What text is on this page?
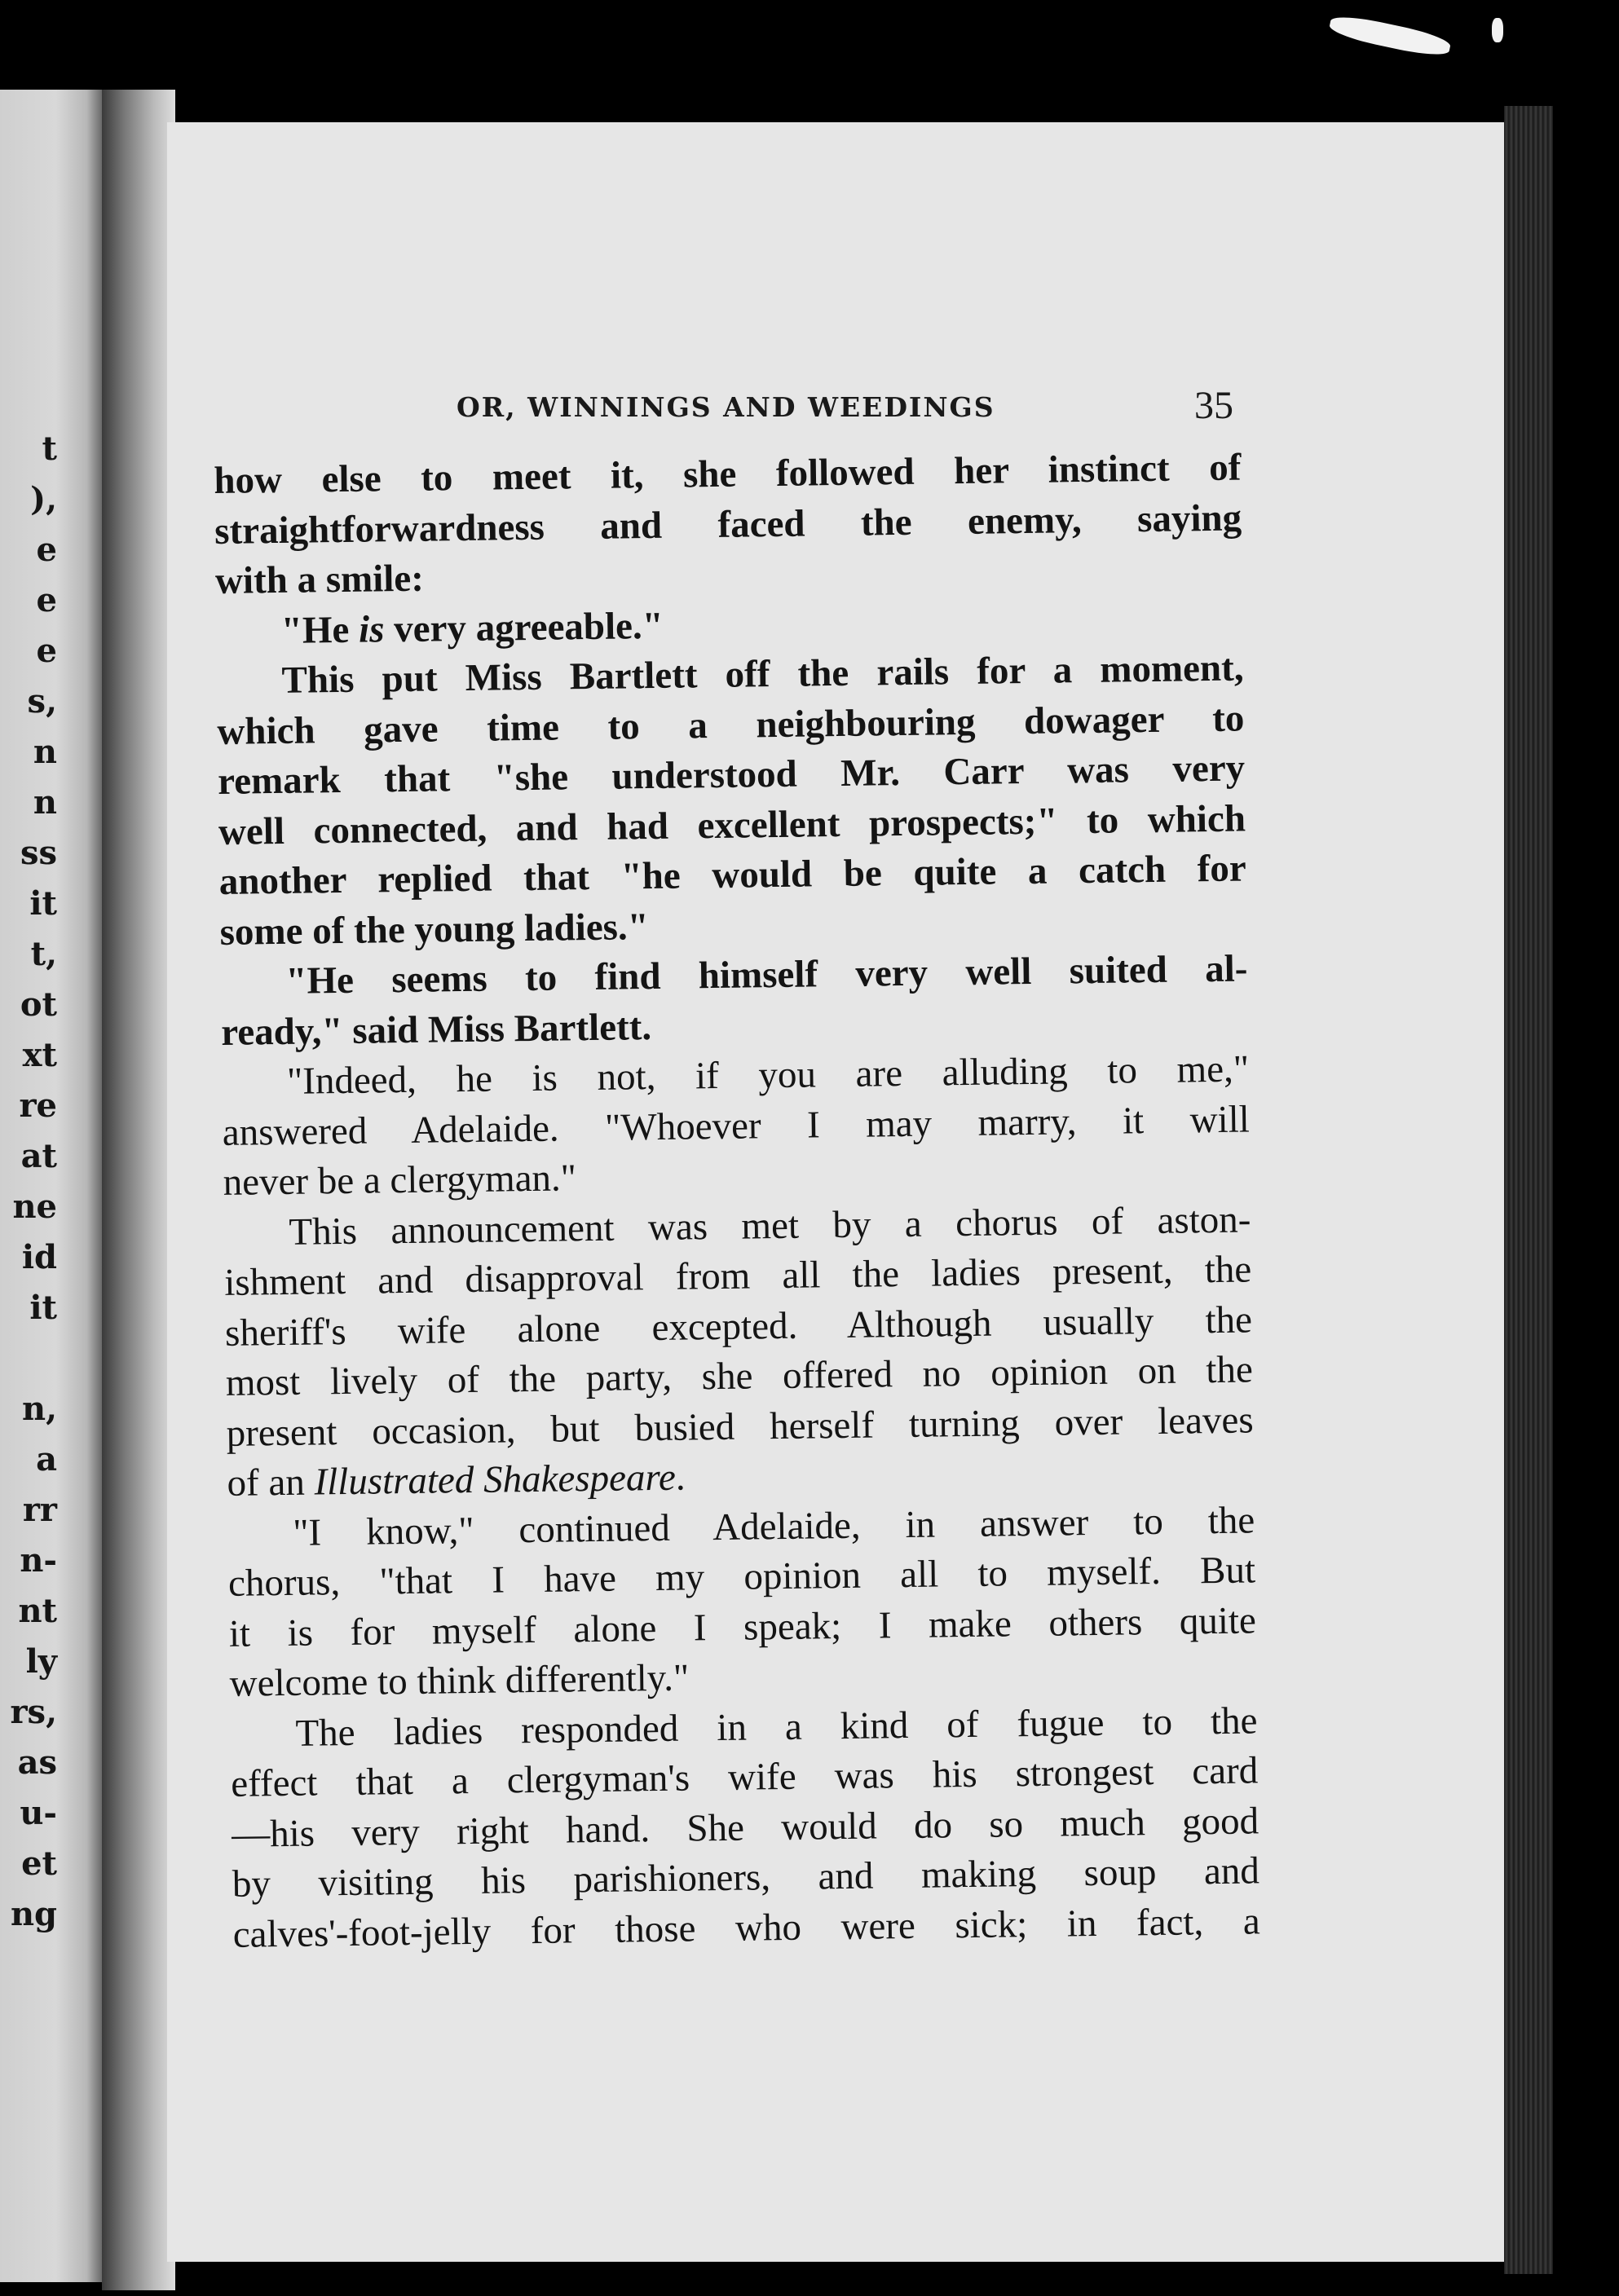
t
),
e
e
e
s,
n
n
ss
it
t,
ot
xt
re
at
ne
id
it
n,
a
rr
n-
nt
ly
rs,
as
u-
et
ng
OR, WINNINGS AND WEEDINGS	35
how else to meet it, she followed her instinct of
straightforwardness and faced the enemy, saying
with a smile:
"He is very agreeable."
This put Miss Bartlett off the rails for a moment,
which gave time to a neighbouring dowager to
remark that "she understood Mr. Carr was very
well connected, and had excellent prospects;" to which
another replied that "he would be quite a catch for
some of the young ladies."
"He seems to find himself very well suited al-
ready," said Miss Bartlett.
"Indeed, he is not, if you are alluding to me,"
answered Adelaide. "Whoever I may marry, it will
never be a clergyman."
This announcement was met by a chorus of aston-
ishment and disapproval from all the ladies present, the
sheriff's wife alone excepted. Although usually the
most lively of the party, she offered no opinion on the
present occasion, but busied herself turning over leaves
of an Illustrated Shakespeare.
"I know," continued Adelaide, in answer to the
chorus, "that I have my opinion all to myself. But
it is for myself alone I speak; I make others quite
welcome to think differently."
The ladies responded in a kind of fugue to the
effect that a clergyman's wife was his strongest card
—his very right hand. She would do so much good
by visiting his parishioners, and making soup and
calves'-foot-jelly for those who were sick; in fact, a
